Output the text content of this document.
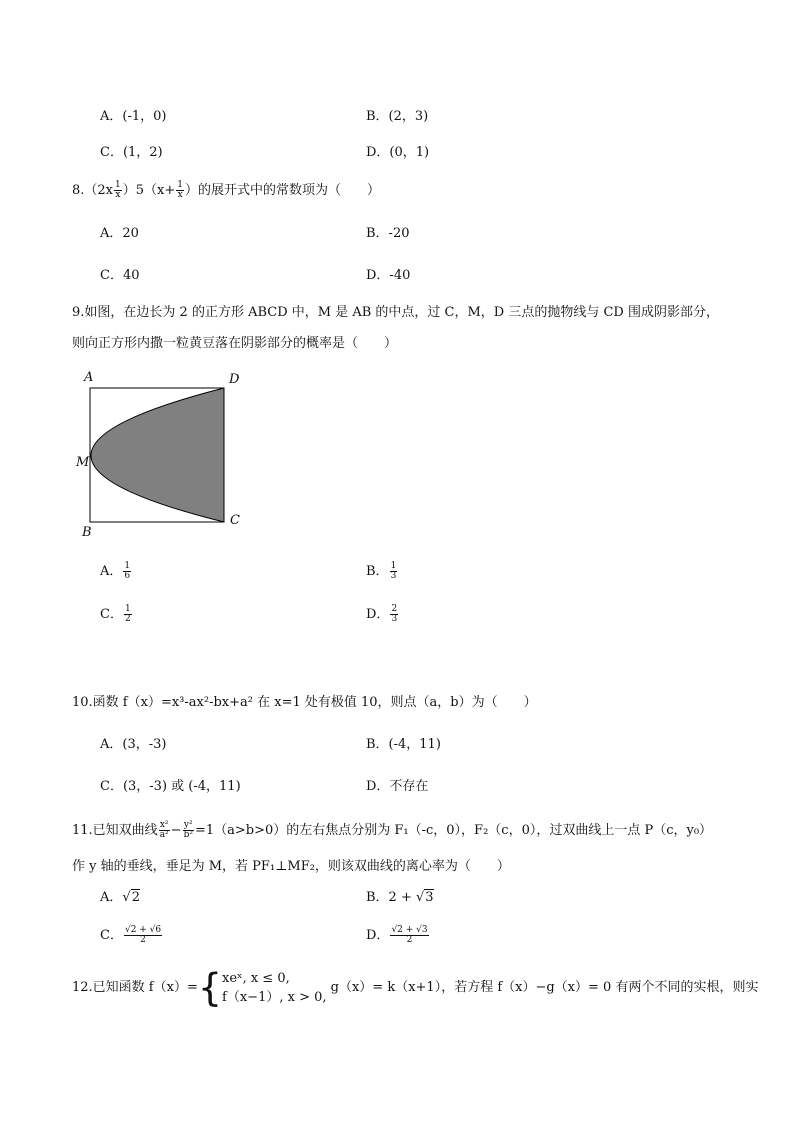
A．(-1，0)	B．(2，3)
C．(1，2)	D．(0，1)
$8.(2x \frac{1}{x} )5(x+ \frac{1}{x}$ ）的展开式中的常数项为（　　）
A．20	B．-20
C．40	D．-40
9.如图，在边长为 2 的正方形 ABCD 中，M 是 AB 的中点，过 C，M，D 三点的抛物线与 CD 围成阴影部分，
则向正方形内撒一粒黄豆落在阴影部分的概率是（　　）
A	D
M
B
C
A． $\frac{1}{6}$	B． $\frac{1}{3}$
C． $\frac{1}{2}$	D． $\frac{2}{3}$
10.函数 f（x）=x³-ax²-bx+a² 在 x=1 处有极值 10，则点（a，b）为（　　）
A．(3，-3)	B．(-4，11)
C．(3，-3) 或 (-4，11)	D．不存在
11.已知双曲线 $\frac{\text{x²}}{\text{a²}} - \frac{\text{y²}}{\text{b²}} =1(a>b>0)$的左右焦点分别为 F₁（-c，0），F₂（c，0），过双曲线上一点 P（c，y₀）
作 y 轴的垂线，垂足为 M，若 PF₁⊥MF₂，则该双曲线的离心率为（　　）
A．√2	B．2 + √3
C． $\frac{√2 + √6}{2}$	D． $\frac{√2 + √3}{2}$
12.已知函数 f（x）={ xeˣ, x ≤ 0,
f（x−1）, x > 0,
g（x）= k（x+1），若方程 f（x）−g（x）= 0 有两个不同的实根，则实
